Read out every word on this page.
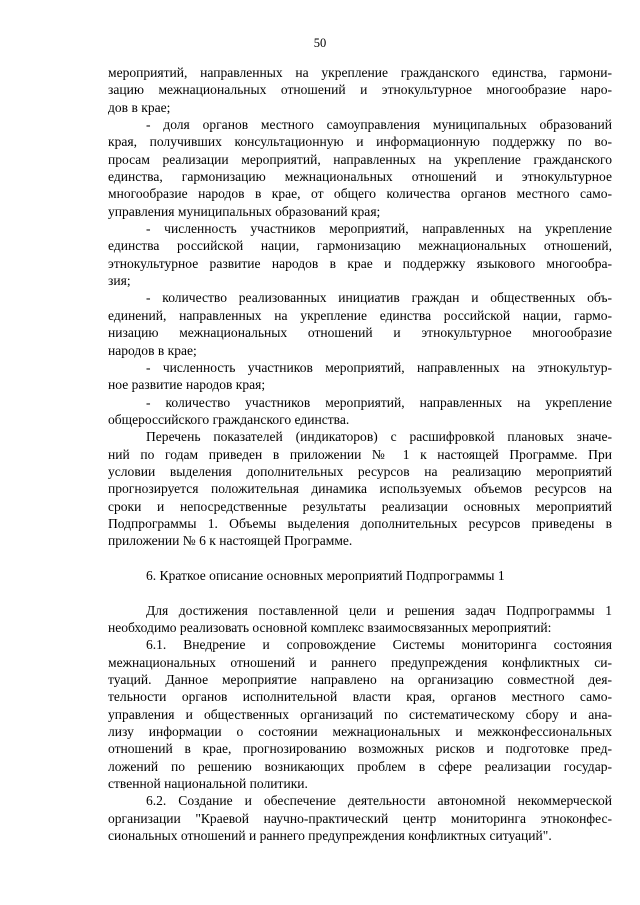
50
мероприятий, направленных на укрепление гражданского единства, гармони-
зацию межнациональных отношений и этнокультурное многообразие наро-
дов в крае;
- доля органов местного самоуправления муниципальных образований
края, получивших консультационную и информационную поддержку по во-
просам реализации мероприятий, направленных на укрепление гражданского
единства, гармонизацию межнациональных отношений и этнокультурное
многообразие народов в крае, от общего количества органов местного само-
управления муниципальных образований края;
- численность участников мероприятий, направленных на укрепление
единства российской нации, гармонизацию межнациональных отношений,
этнокультурное развитие народов в крае и поддержку языкового многообра-
зия;
- количество реализованных инициатив граждан и общественных объ-
единений, направленных на укрепление единства российской нации, гармо-
низацию межнациональных отношений и этнокультурное многообразие
народов в крае;
- численность участников мероприятий, направленных на этнокультур-
ное развитие народов края;
- количество участников мероприятий, направленных на укрепление
общероссийского гражданского единства.
Перечень показателей (индикаторов) с расшифровкой плановых значе-
ний по годам приведен в приложении № 1 к настоящей Программе. При
условии выделения дополнительных ресурсов на реализацию мероприятий
прогнозируется положительная динамика используемых объемов ресурсов на
сроки и непосредственные результаты реализации основных мероприятий
Подпрограммы 1. Объемы выделения дополнительных ресурсов приведены в
приложении № 6 к настоящей Программе.
6. Краткое описание основных мероприятий Подпрограммы 1
Для достижения поставленной цели и решения задач Подпрограммы 1
необходимо реализовать основной комплекс взаимосвязанных мероприятий:
6.1. Внедрение и сопровождение Системы мониторинга состояния
межнациональных отношений и раннего предупреждения конфликтных си-
туаций. Данное мероприятие направлено на организацию совместной дея-
тельности органов исполнительной власти края, органов местного само-
управления и общественных организаций по систематическому сбору и ана-
лизу информации о состоянии межнациональных и межконфессиональных
отношений в крае, прогнозированию возможных рисков и подготовке пред-
ложений по решению возникающих проблем в сфере реализации государ-
ственной национальной политики.
6.2. Создание и обеспечение деятельности автономной некоммерческой
организации "Краевой научно-практический центр мониторинга этноконфес-
сиональных отношений и раннего предупреждения конфликтных ситуаций".
